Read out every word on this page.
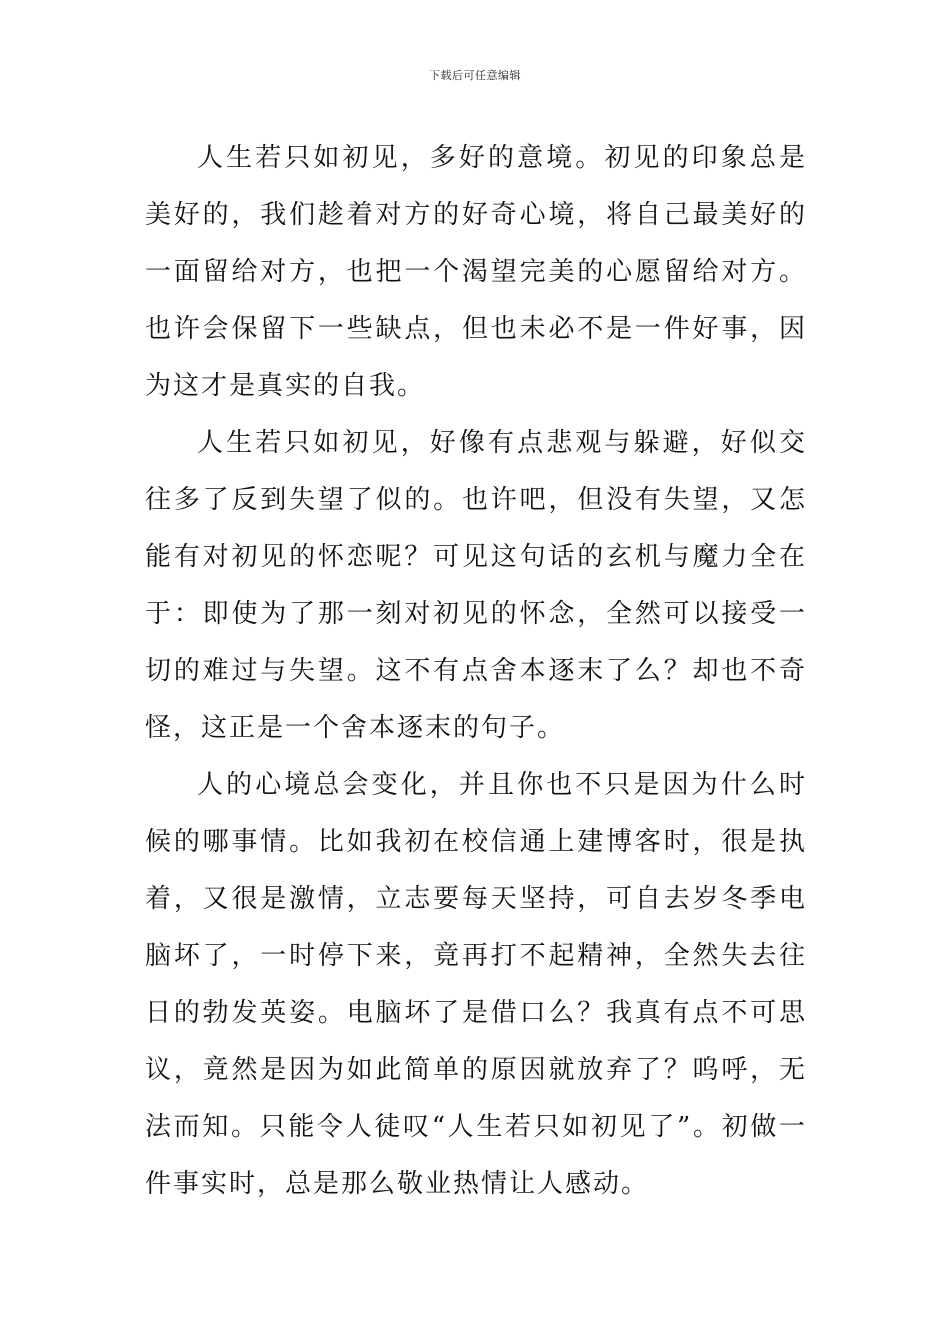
下载后可任意编辑

人生若只如初见，多好的意境。初见的印象总是美好的，我们趁着对方的好奇心境，将自己最美好的一面留给对方，也把一个渴望完美的心愿留给对方。也许会保留下一些缺点，但也未必不是一件好事，因为这才是真实的自我。

人生若只如初见，好像有点悲观与躲避，好似交往多了反到失望了似的。也许吧，但没有失望，又怎能有对初见的怀恋呢？可见这句话的玄机与魔力全在于：即使为了那一刻对初见的怀念，全然可以接受一切的难过与失望。这不有点舍本逐末了么？却也不奇怪，这正是一个舍本逐末的句子。

人的心境总会变化，并且你也不只是因为什么时候的哪事情。比如我初在校信通上建博客时，很是执着，又很是激情，立志要每天坚持，可自去岁冬季电脑坏了，一时停下来，竟再打不起精神，全然失去往日的勃发英姿。电脑坏了是借口么？我真有点不可思议，竟然是因为如此简单的原因就放弃了？呜呼，无法而知。只能令人徒叹“人生若只如初见了”。初做一件事实时，总是那么敬业热情让人感动。
